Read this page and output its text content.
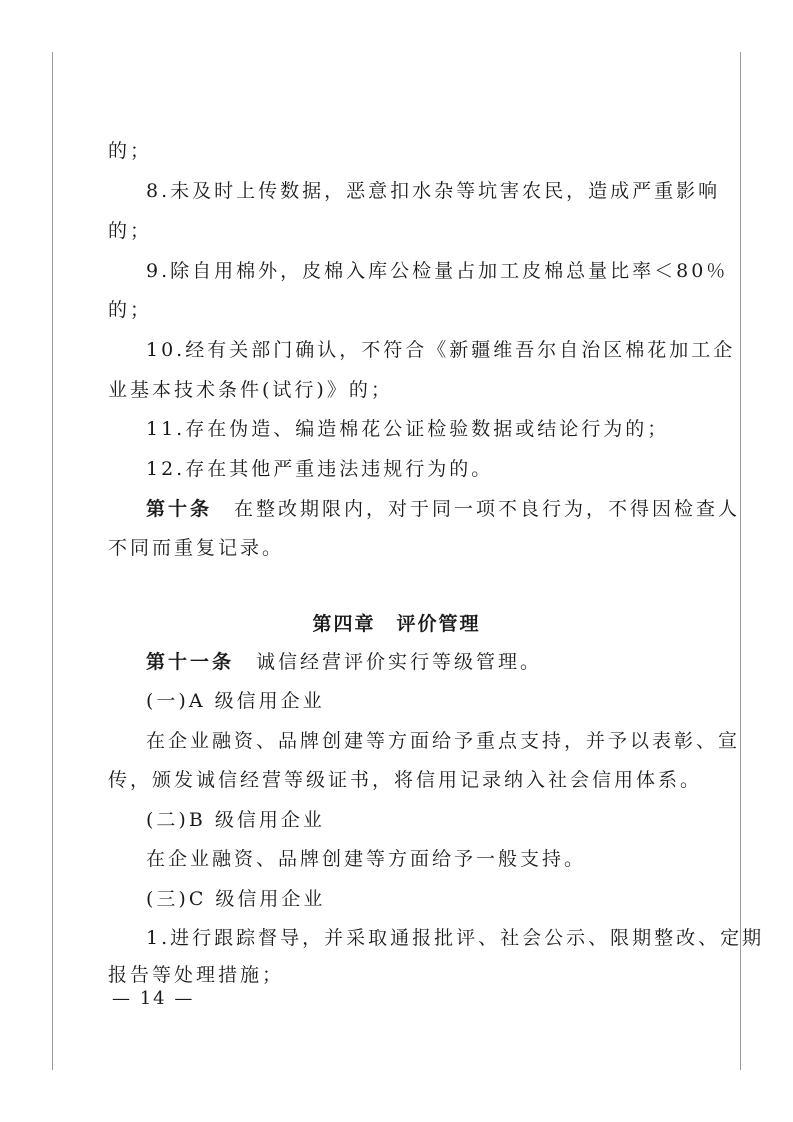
的；
8.未及时上传数据，恶意扣水杂等坑害农民，造成严重影响
的；
9.除自用棉外，皮棉入库公检量占加工皮棉总量比率＜80％
的；
10.经有关部门确认，不符合《新疆维吾尔自治区棉花加工企
业基本技术条件(试行)》的；
11.存在伪造、编造棉花公证检验数据或结论行为的；
12.存在其他严重违法违规行为的。
第十条 在整改期限内，对于同一项不良行为，不得因检查人
不同而重复记录。
第四章　评价管理
第十一条 诚信经营评价实行等级管理。
(一)A 级信用企业
在企业融资、品牌创建等方面给予重点支持，并予以表彰、宣
传，颁发诚信经营等级证书，将信用记录纳入社会信用体系。
(二)B 级信用企业
在企业融资、品牌创建等方面给予一般支持。
(三)C 级信用企业
1.进行跟踪督导，并采取通报批评、社会公示、限期整改、定期
报告等处理措施；
— 14 —
